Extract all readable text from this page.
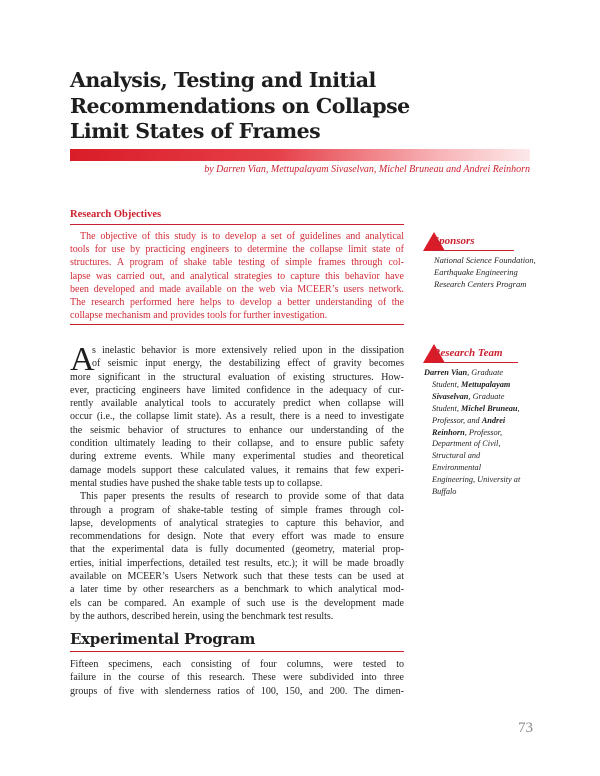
Analysis, Testing and Initial
Recommendations on Collapse
Limit States of Frames
by Darren Vian, Mettupalayam Sivaselvan, Michel Bruneau and Andrei Reinhorn
Research Objectives
The objective of this study is to develop a set of guidelines and analytical
tools for use by practicing engineers to determine the collapse limit state of
structures. A program of shake table testing of simple frames through col-
lapse was carried out, and analytical strategies to capture this behavior have
been developed and made available on the web via MCEER’s users network.
The research performed here helps to develop a better understanding of the
collapse mechanism and provides tools for further investigation.
A
s inelastic behavior is more extensively relied upon in the dissipation
of seismic input energy, the destabilizing effect of gravity becomes
more significant in the structural evaluation of existing structures. How-
ever, practicing engineers have limited confidence in the adequacy of cur-
rently available analytical tools to accurately predict when collapse will
occur (i.e., the collapse limit state). As a result, there is a need to investigate
the seismic behavior of structures to enhance our understanding of the
condition ultimately leading to their collapse, and to ensure public safety
during extreme events. While many experimental studies and theoretical
damage models support these calculated values, it remains that few experi-
mental studies have pushed the shake table tests up to collapse.
This paper presents the results of research to provide some of that data
through a program of shake-table testing of simple frames through col-
lapse, developments of analytical strategies to capture this behavior, and
recommendations for design. Note that every effort was made to ensure
that the experimental data is fully documented (geometry, material prop-
erties, initial imperfections, detailed test results, etc.); it will be made broadly
available on MCEER’s Users Network such that these tests can be used at
a later time by other researchers as a benchmark to which analytical mod-
els can be compared. An example of such use is the development made
by the authors, described herein, using the benchmark test results.
Experimental Program
Fifteen specimens, each consisting of four columns, were tested to
failure in the course of this research. These were subdivided into three
groups of five with slenderness ratios of 100, 150, and 200. The dimen-
Sponsors
National Science Foundation,
Earthquake Engineering
Research Centers Program
Research Team
Darren Vian, Graduate
Student, Mettupalayam
Sivaselvan, Graduate
Student, Michel Bruneau,
Professor, and Andrei
Reinhorn, Professor,
Department of Civil,
Structural and
Environmental
Engineering, University at
Buffalo
73
